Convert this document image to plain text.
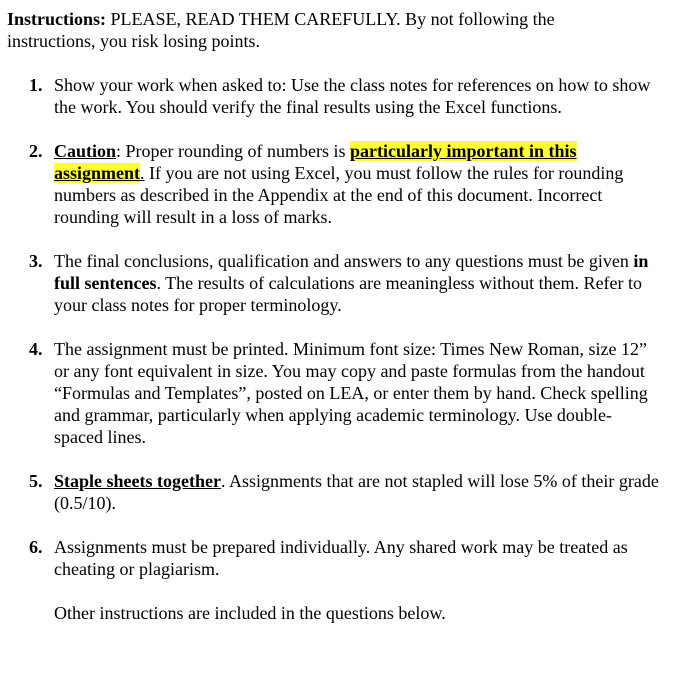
Instructions: PLEASE, READ THEM CAREFULLY. By not following the instructions, you risk losing points.

1. Show your work when asked to: Use the class notes for references on how to show the work. You should verify the final results using the Excel functions.
2. Caution: Proper rounding of numbers is particularly important in this assignment. If you are not using Excel, you must follow the rules for rounding numbers as described in the Appendix at the end of this document. Incorrect rounding will result in a loss of marks.
3. The final conclusions, qualification and answers to any questions must be given in full sentences. The results of calculations are meaningless without them. Refer to your class notes for proper terminology.
4. The assignment must be printed. Minimum font size: Times New Roman, size 12” or any font equivalent in size. You may copy and paste formulas from the handout “Formulas and Templates”, posted on LEA, or enter them by hand. Check spelling and grammar, particularly when applying academic terminology. Use double-spaced lines.
5. Staple sheets together. Assignments that are not stapled will lose 5% of their grade (0.5/10).
6. Assignments must be prepared individually. Any shared work may be treated as cheating or plagiarism.

Other instructions are included in the questions below.
